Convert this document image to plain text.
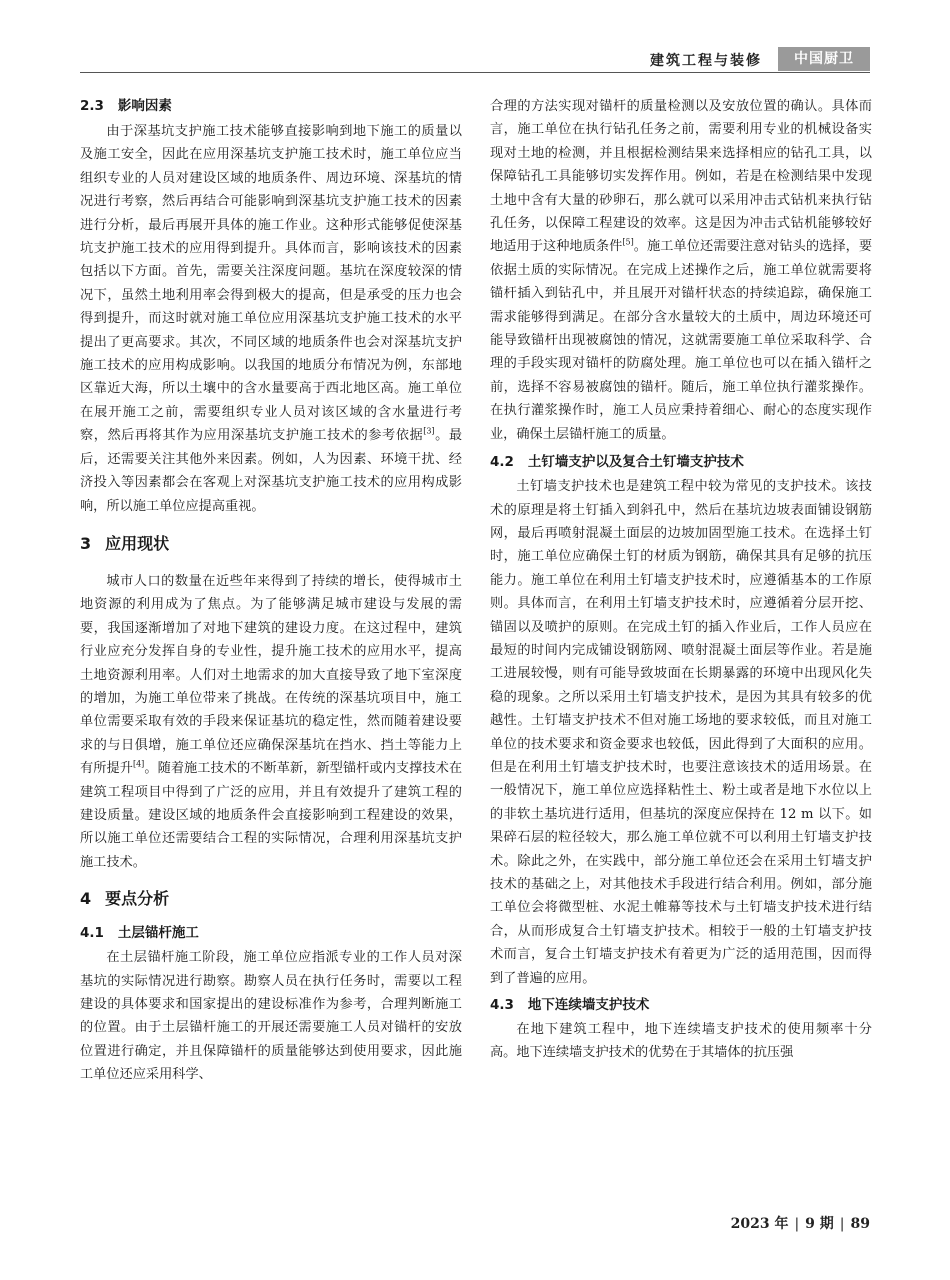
建筑工程与装修	中国厨卫
2.3 影响因素

由于深基坑支护施工技术能够直接影响到地下施工的质量以及施工安全，因此在应用深基坑支护施工技术时，施工单位应当组织专业的人员对建设区域的地质条件、周边环境、深基坑的情况进行考察，然后再结合可能影响到深基坑支护施工技术的因素进行分析，最后再展开具体的施工作业。这种形式能够促使深基坑支护施工技术的应用得到提升。具体而言，影响该技术的因素包括以下方面。首先，需要关注深度问题。基坑在深度较深的情况下，虽然土地利用率会得到极大的提高，但是承受的压力也会得到提升，而这时就对施工单位应用深基坑支护施工技术的水平提出了更高要求。其次，不同区域的地质条件也会对深基坑支护施工技术的应用构成影响。以我国的地质分布情况为例，东部地区靠近大海，所以土壤中的含水量要高于西北地区高。施工单位在展开施工之前，需要组织专业人员对该区域的含水量进行考察，然后再将其作为应用深基坑支护施工技术的参考依据[3]。最后，还需要关注其他外来因素。例如，人为因素、环境干扰、经济投入等因素都会在客观上对深基坑支护施工技术的应用构成影响，所以施工单位应提高重视。

3 应用现状

城市人口的数量在近些年来得到了持续的增长，使得城市土地资源的利用成为了焦点。为了能够满足城市建设与发展的需要，我国逐渐增加了对地下建筑的建设力度。在这过程中，建筑行业应充分发挥自身的专业性，提升施工技术的应用水平，提高土地资源利用率。人们对土地需求的加大直接导致了地下室深度的增加，为施工单位带来了挑战。在传统的深基坑项目中，施工单位需要采取有效的手段来保证基坑的稳定性，然而随着建设要求的与日俱增，施工单位还应确保深基坑在挡水、挡土等能力上有所提升[4]。随着施工技术的不断革新，新型锚杆或内支撑技术在建筑工程项目中得到了广泛的应用，并且有效提升了建筑工程的建设质量。建设区域的地质条件会直接影响到工程建设的效果，所以施工单位还需要结合工程的实际情况，合理利用深基坑支护施工技术。

4 要点分析
4.1 土层锚杆施工

在土层锚杆施工阶段，施工单位应指派专业的工作人员对深基坑的实际情况进行勘察。勘察人员在执行任务时，需要以工程建设的具体要求和国家提出的建设标准作为参考，合理判断施工的位置。由于土层锚杆施工的开展还需要施工人员对锚杆的安放位置进行确定，并且保障锚杆的质量能够达到使用要求，因此施工单位还应采用科学、

合理的方法实现对锚杆的质量检测以及安放位置的确认。具体而言，施工单位在执行钻孔任务之前，需要利用专业的机械设备实现对土地的检测，并且根据检测结果来选择相应的钻孔工具，以保障钻孔工具能够切实发挥作用。例如，若是在检测结果中发现土地中含有大量的砂卵石，那么就可以采用冲击式钻机来执行钻孔任务，以保障工程建设的效率。这是因为冲击式钻机能够较好地适用于这种地质条件[5]。施工单位还需要注意对钻头的选择，要依据土质的实际情况。在完成上述操作之后，施工单位就需要将锚杆插入到钻孔中，并且展开对锚杆状态的持续追踪，确保施工需求能够得到满足。在部分含水量较大的土质中，周边环境还可能导致锚杆出现被腐蚀的情况，这就需要施工单位采取科学、合理的手段实现对锚杆的防腐处理。施工单位也可以在插入锚杆之前，选择不容易被腐蚀的锚杆。随后，施工单位执行灌浆操作。在执行灌浆操作时，施工人员应秉持着细心、耐心的态度实现作业，确保土层锚杆施工的质量。

4.2 土钉墙支护以及复合土钉墙支护技术

土钉墙支护技术也是建筑工程中较为常见的支护技术。该技术的原理是将土钉插入到斜孔中，然后在基坑边坡表面铺设钢筋网，最后再喷射混凝土面层的边坡加固型施工技术。在选择土钉时，施工单位应确保土钉的材质为钢筋，确保其具有足够的抗压能力。施工单位在利用土钉墙支护技术时，应遵循基本的工作原则。具体而言，在利用土钉墙支护技术时，应遵循着分层开挖、锚固以及喷护的原则。在完成土钉的插入作业后，工作人员应在最短的时间内完成铺设钢筋网、喷射混凝土面层等作业。若是施工进展较慢，则有可能导致坡面在长期暴露的环境中出现风化失稳的现象。之所以采用土钉墙支护技术，是因为其具有较多的优越性。土钉墙支护技术不但对施工场地的要求较低，而且对施工单位的技术要求和资金要求也较低，因此得到了大面积的应用。但是在利用土钉墙支护技术时，也要注意该技术的适用场景。在一般情况下，施工单位应选择粘性土、粉土或者是地下水位以上的非软土基坑进行适用，但基坑的深度应保持在 12 m 以下。如果碎石层的粒径较大，那么施工单位就不可以利用土钉墙支护技术。除此之外，在实践中，部分施工单位还会在采用土钉墙支护技术的基础之上，对其他技术手段进行结合利用。例如，部分施工单位会将微型桩、水泥土帷幕等技术与土钉墙支护技术进行结合，从而形成复合土钉墙支护技术。相较于一般的土钉墙支护技术而言，复合土钉墙支护技术有着更为广泛的适用范围，因而得到了普遍的应用。

4.3 地下连续墙支护技术

在地下建筑工程中，地下连续墙支护技术的使用频率十分高。地下连续墙支护技术的优势在于其墙体的抗压强

2023 年 | 9 期 | 89
